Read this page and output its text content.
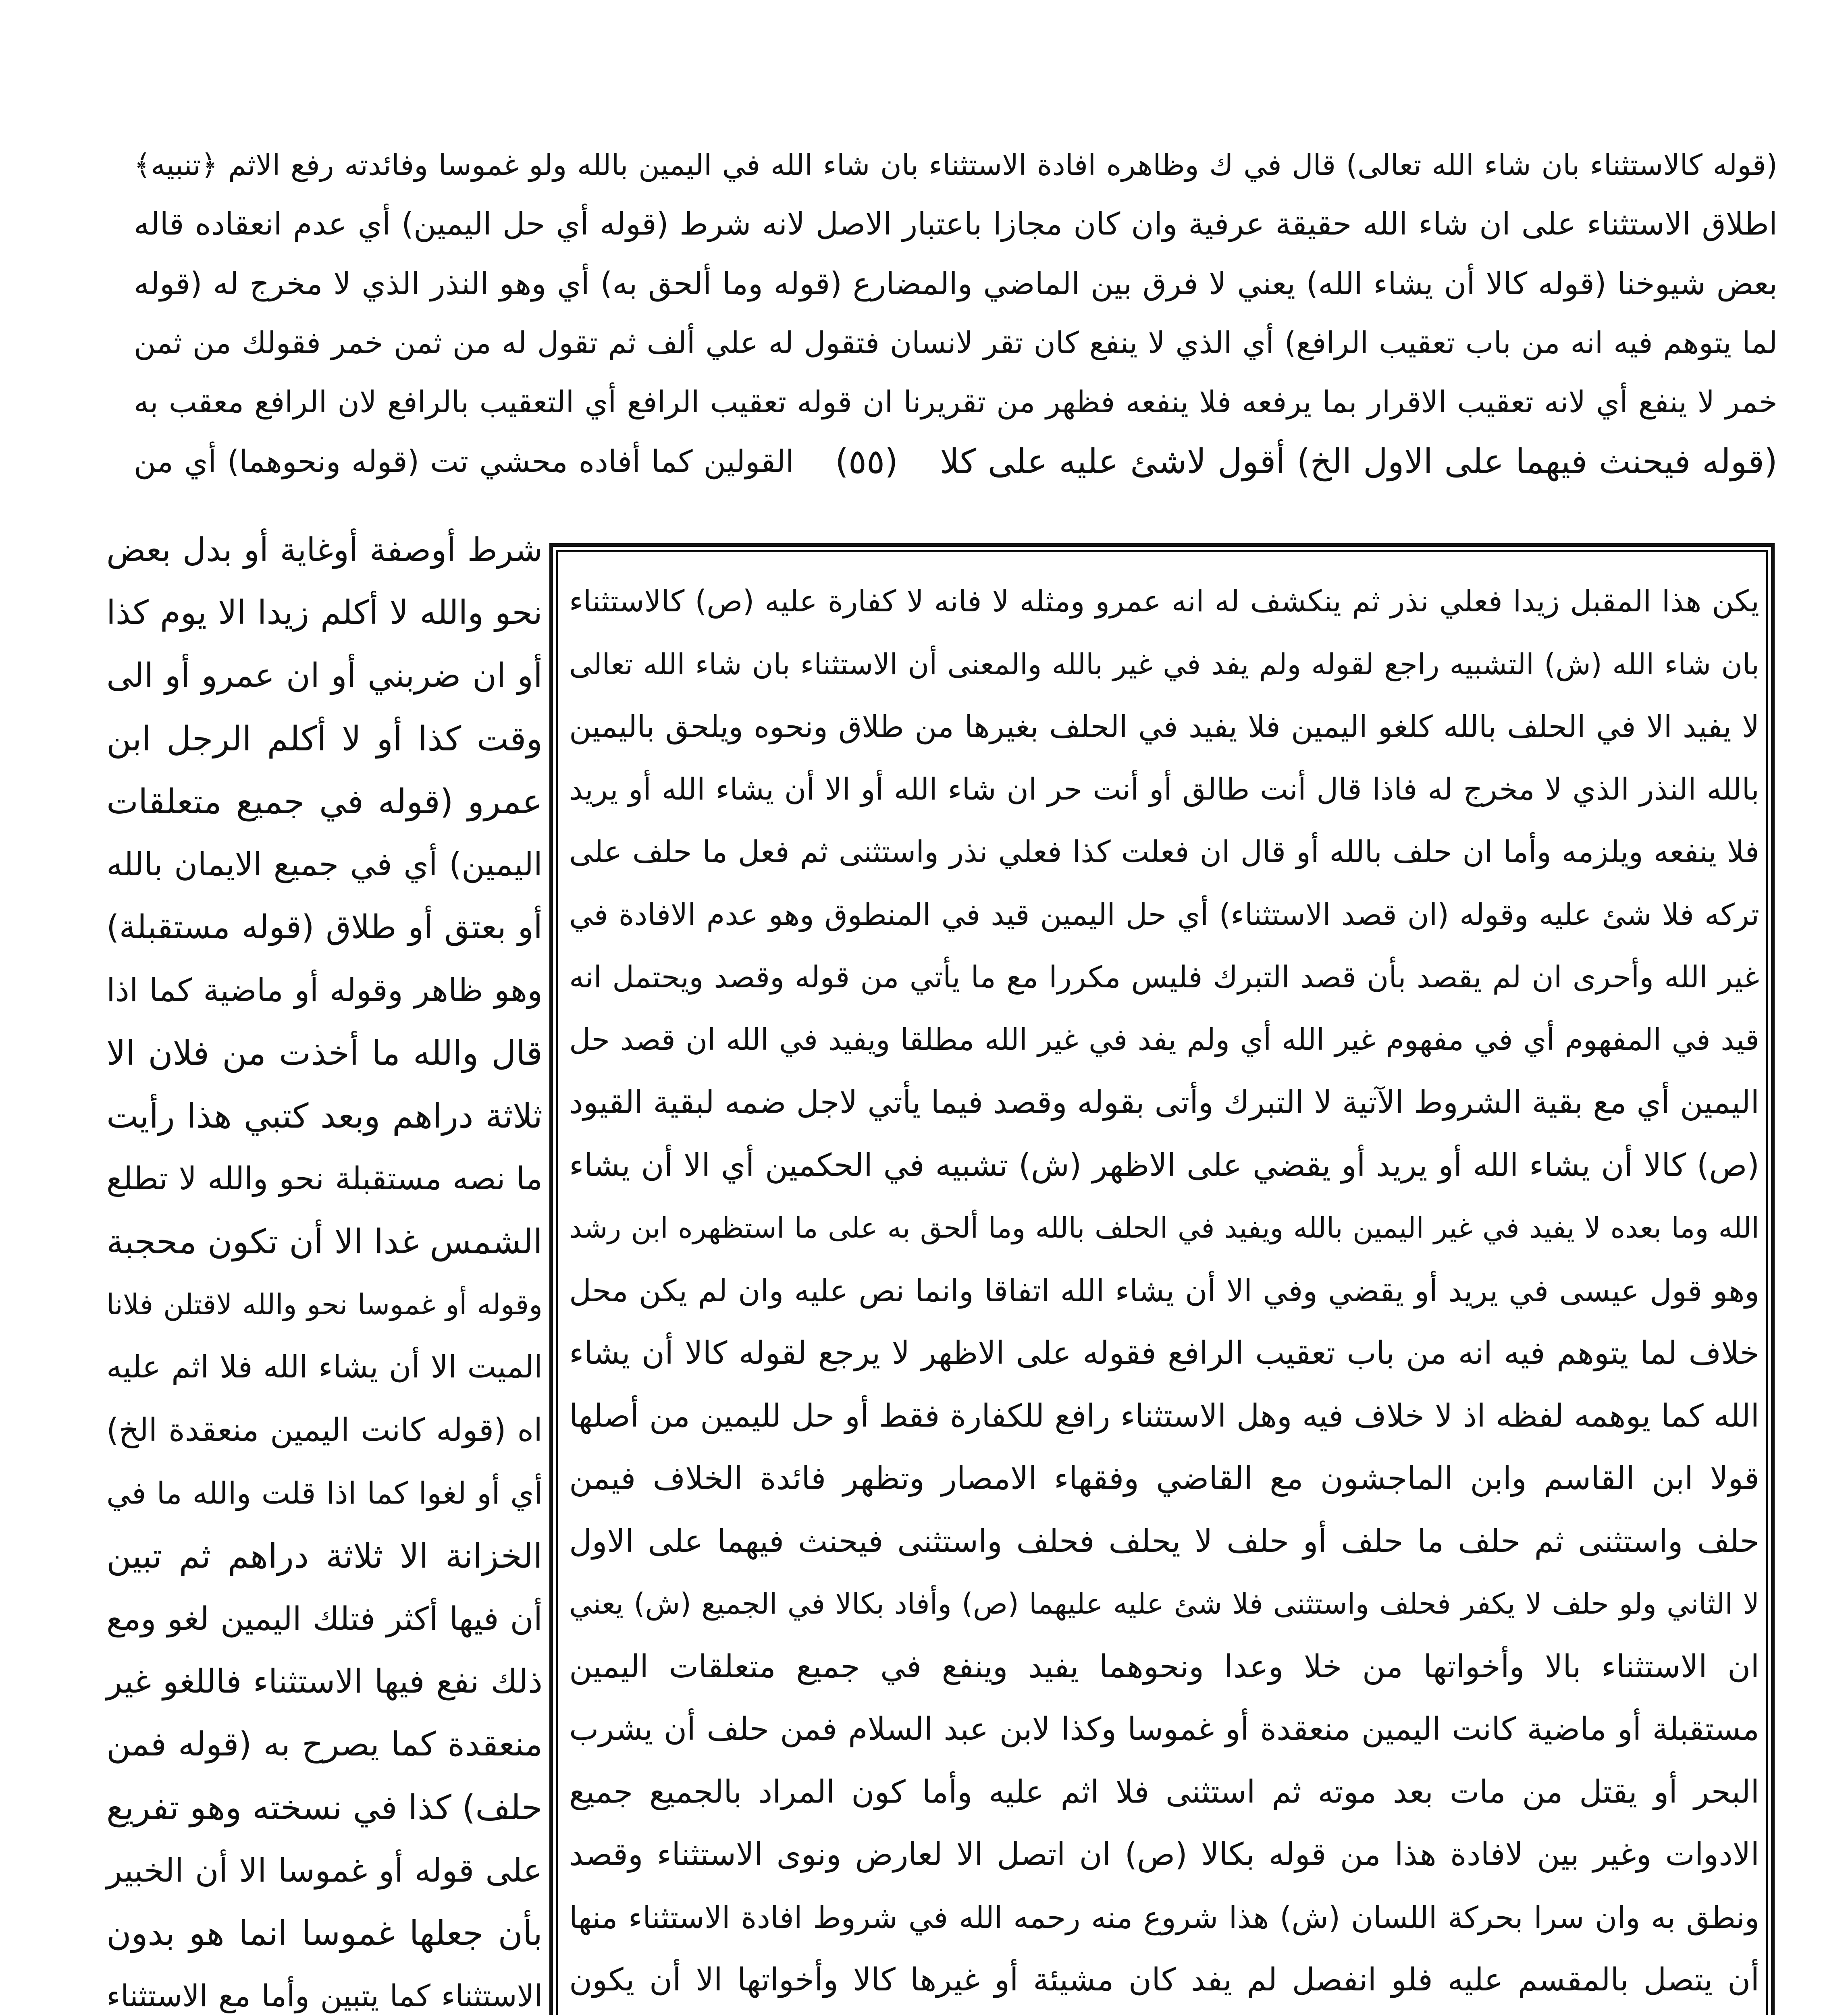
(قوله كالاستثناء بان شاء الله تعالى) قال في ك وظاهره افادة الاستثناء بان شاء الله في اليمين بالله ولو غموسا وفائدته رفع الاثم ﴿تنبيه﴾
اطلاق الاستثناء على ان شاء الله حقيقة عرفية وان كان مجازا باعتبار الاصل لانه شرط (قوله أي حل اليمين) أي عدم انعقاده قاله
بعض شيوخنا (قوله كالا أن يشاء الله) يعني لا فرق بين الماضي والمضارع (قوله وما ألحق به) أي وهو النذر الذي لا مخرج له (قوله
لما يتوهم فيه انه من باب تعقيب الرافع) أي الذي لا ينفع كان تقر لانسان فتقول له علي ألف ثم تقول له من ثمن خمر فقولك من ثمن
خمر لا ينفع أي لانه تعقيب الاقرار بما يرفعه فلا ينفعه فظهر من تقريرنا ان قوله تعقيب الرافع أي التعقيب بالرافع لان الرافع معقب به
(قوله فيحنث فيهما على الاول الخ) أقول لاشئ عليه على كلا
(٥٥)
القولين كما أفاده محشي تت (قوله ونحوهما) أي من
شرط أوصفة أوغاية أو بدل بعض
نحو والله لا أكلم زيدا الا يوم كذا
أو ان ضربني أو ان عمرو أو الى
وقت كذا أو لا أكلم الرجل ابن
عمرو (قوله في جميع متعلقات
اليمين) أي في جميع الايمان بالله
أو بعتق أو طلاق (قوله مستقبلة)
وهو ظاهر وقوله أو ماضية كما اذا
قال والله ما أخذت من فلان الا
ثلاثة دراهم وبعد كتبي هذا رأيت
ما نصه مستقبلة نحو والله لا تطلع
الشمس غدا الا أن تكون محجبة
وقوله أو غموسا نحو والله لاقتلن فلانا
الميت الا أن يشاء الله فلا اثم عليه
اه (قوله كانت اليمين منعقدة الخ)
أي أو لغوا كما اذا قلت والله ما في
الخزانة الا ثلاثة دراهم ثم تبين
أن فيها أكثر فتلك اليمين لغو ومع
ذلك نفع فيها الاستثناء فاللغو غير
منعقدة كما يصرح به (قوله فمن
حلف) كذا في نسخته وهو تفريع
على قوله أو غموسا الا أن الخبير
بأن جعلها غموسا انما هو بدون
الاستثناء كما يتبين وأما مع الاستثناء
يكن هذا المقبل زيدا فعلي نذر ثم ينكشف له انه عمرو ومثله لا فانه لا كفارة عليه (ص) كالاستثناء
بان شاء الله (ش) التشبيه راجع لقوله ولم يفد في غير بالله والمعنى أن الاستثناء بان شاء الله تعالى
لا يفيد الا في الحلف بالله كلغو اليمين فلا يفيد في الحلف بغيرها من طلاق ونحوه ويلحق باليمين
بالله النذر الذي لا مخرج له فاذا قال أنت طالق أو أنت حر ان شاء الله أو الا أن يشاء الله أو يريد
فلا ينفعه ويلزمه وأما ان حلف بالله أو قال ان فعلت كذا فعلي نذر واستثنى ثم فعل ما حلف على
تركه فلا شئ عليه وقوله (ان قصد الاستثناء) أي حل اليمين قيد في المنطوق وهو عدم الافادة في
غير الله وأحرى ان لم يقصد بأن قصد التبرك فليس مكررا مع ما يأتي من قوله وقصد ويحتمل انه
قيد في المفهوم أي في مفهوم غير الله أي ولم يفد في غير الله مطلقا ويفيد في الله ان قصد حل
اليمين أي مع بقية الشروط الآتية لا التبرك وأتى بقوله وقصد فيما يأتي لاجل ضمه لبقية القيود
(ص) كالا أن يشاء الله أو يريد أو يقضي على الاظهر (ش) تشبيه في الحكمين أي الا أن يشاء
الله وما بعده لا يفيد في غير اليمين بالله ويفيد في الحلف بالله وما ألحق به على ما استظهره ابن رشد
وهو قول عيسى في يريد أو يقضي وفي الا أن يشاء الله اتفاقا وانما نص عليه وان لم يكن محل
خلاف لما يتوهم فيه انه من باب تعقيب الرافع فقوله على الاظهر لا يرجع لقوله كالا أن يشاء
الله كما يوهمه لفظه اذ لا خلاف فيه وهل الاستثناء رافع للكفارة فقط أو حل لليمين من أصلها
قولا ابن القاسم وابن الماجشون مع القاضي وفقهاء الامصار وتظهر فائدة الخلاف فيمن
حلف واستثنى ثم حلف ما حلف أو حلف لا يحلف فحلف واستثنى فيحنث فيهما على الاول
لا الثاني ولو حلف لا يكفر فحلف واستثنى فلا شئ عليه عليهما (ص) وأفاد بكالا في الجميع (ش) يعني
ان الاستثناء بالا وأخواتها من خلا وعدا ونحوهما يفيد وينفع في جميع متعلقات اليمين
مستقبلة أو ماضية كانت اليمين منعقدة أو غموسا وكذا لابن عبد السلام فمن حلف أن يشرب
البحر أو يقتل من مات بعد موته ثم استثنى فلا اثم عليه وأما كون المراد بالجميع جميع
الادوات وغير بين لافادة هذا من قوله بكالا (ص) ان اتصل الا لعارض ونوى الاستثناء وقصد
ونطق به وان سرا بحركة اللسان (ش) هذا شروع منه رحمه الله في شروط افادة الاستثناء منها
أن يتصل بالمقسم عليه فلو انفصل لم يفد كان مشيئة أو غيرها كالا وأخواتها الا أن يكون
